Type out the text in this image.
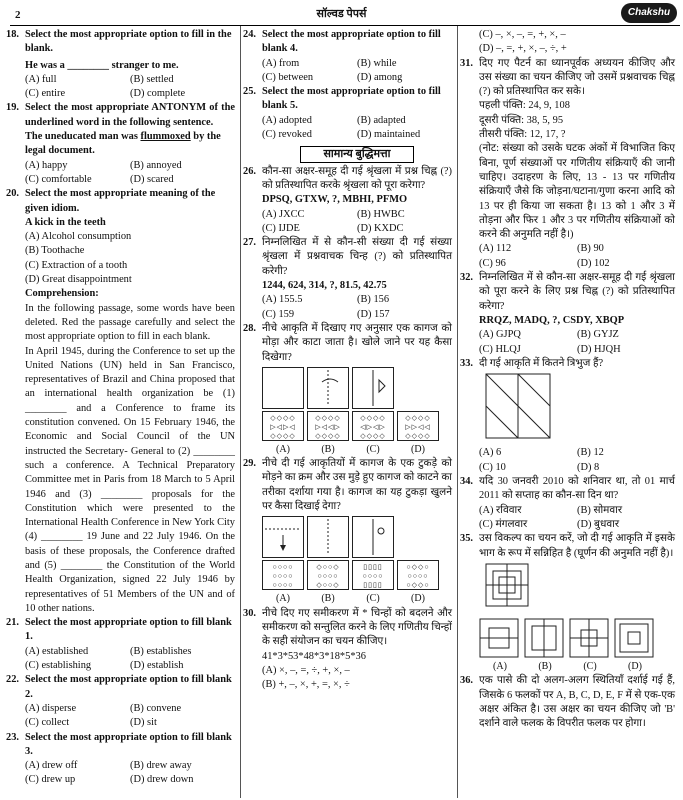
2	सॉल्वड पेपर्स	Chakshu
18. Select the most appropriate option to fill in the blank.
He was a ________ stranger to me.
(A) full	(B) settled
(C) entire	(D) complete
19. Select the most appropriate ANTONYM of the underlined word in the following sentence.
The uneducated man was flummoxed by the legal document.
(A) happy	(B) annoyed
(C) comfortable	(D) scared
20. Select the most appropriate meaning of the given idiom.
A kick in the teeth
(A) Alcohol consumption
(B) Toothache
(C) Extraction of a tooth
(D) Great disappointment
Comprehension:
In the following passage, some words have been deleted. Red the passage carefully and select the most appropriate option to fill in each blank.
In April 1945, during the Conference to set up the United Nations (UN) held in San Francisco, representatives of Brazil and China proposed that an international health organization be (1) ________ and a Conference to frame its constitution convened. On 15 February 1946, the Economic and Social Council of the UN instructed the Secretary- General to (2) ________ such a conference. A Technical Preparatory Committee met in Paris from 18 March to 5 April 1946 and (3) ________ proposals for the Constitution which were presented to the International Health Conference in New York City (4) ________ 19 June and 22 July 1946. On the basis of these proposals, the Conference drafted and (5) ________ the Constitution of the World Health Organization, signed 22 July 1946 by representatives of 51 Members of the UN and of 10 other nations.
21. Select the most appropriate option to fill blank 1.
(A) established	(B) establishes
(C) establishing	(D) establish
22. Select the most appropriate option to fill blank 2.
(A) disperse	(B) convene
(C) collect	(D) sit
23. Select the most appropriate option to fill blank 3.
(A) drew off	(B) drew away
(C) drew up	(D) drew down
24. Select the most appropriate option to fill blank 4.
(A) from	(B) while
(C) between	(D) among
25. Select the most appropriate option to fill blank 5.
(A) adopted	(B) adapted
(C) revoked	(D) maintained
सामान्य बुद्धिमत्ता
26. कौन-सा अक्षर-समूह दी गई श्रृंखला में प्रश्न चिह्न (?) को प्रतिस्थापित करके श्रृंखला को पूरा करेगा?
DPSQ, GTXW, ?, MBHI, PFMO
(A) JXCC	(B) HWBC
(C) IJDE	(D) KXDC
27. निम्नलिखित में से कौन-सी संख्या दी गई संख्या श्रृंखला में प्रश्नवाचक चिन्ह (?) को प्रतिस्थापित करेगी?
1244, 624, 314, ?, 81.5, 42.75
(A) 155.5	(B) 156
(C) 159	(D) 157
28. नीचे आकृति में दिखाए गए अनुसार एक कागज को मोड़ा और काटा जाता है। खोले जाने पर यह कैसा दिखेगा?
◇◇◇◇
▷◁▷◁
◇◇◇◇
◇◇◇◇
▷◁◁▷
◇◇◇◇
◇◇◇◇
◁▷◁▷
◇◇◇◇
◇◇◇◇
▷▷◁◁
◇◇◇◇
(A)	(B)	(C)	(D)
29. नीचे दी गई आकृतियों में कागज के एक टुकड़े को मोड़ने का क्रम और उस मुड़े हुए कागज को काटने का तरीका दर्शाया गया है। कागज का यह टुकड़ा खुलने पर कैसा दिखाई देगा?
○○○○
○○○○
○○○○
◇○○◇
○○○○
◇○○◇
▯▯▯▯
○○○○
▯▯▯▯
○◇◇○
○○○○
○◇◇○
(A)	(B)	(C)	(D)
30. नीचे दिए गए समीकरण में * चिन्हों को बदलने और समीकरण को सन्तुलित करने के लिए गणितीय चिन्हों के सही संयोजन का चयन कीजिए।
41*3*53*48*3*18*5*36
(A) ×, –, =, ÷, +, ×, –
(B) +, –, ×, +, =, ×, ÷
(C) –, ×, –, =, +, ×, –
(D) –, =, +, ×, –, ÷, +
31. दिए गए पैटर्न का ध्यानपूर्वक अध्ययन कीजिए और उस संख्या का चयन कीजिए जो उसमें प्रश्नवाचक चिह्न (?) को प्रतिस्थापित कर सके।
पहली पंक्ति: 24, 9, 108
दूसरी पंक्ति: 38, 5, 95
तीसरी पंक्ति: 12, 17, ?
(नोट: संख्या को उसके घटक अंकों में विभाजित किए बिना, पूर्ण संख्याओं पर गणितीय संक्रियाएँ की जानी चाहिए। उदाहरण के लिए, 13 - 13 पर गणितीय संक्रियाएँ जैसे कि जोड़ना/घटाना/गुणा करना आदि को 13 पर ही किया जा सकता है। 13 को 1 और 3 में तोड़ना और फिर 1 और 3 पर गणितीय संक्रियाओं को करने की अनुमति नहीं है।)
(A) 112	(B) 90
(C) 96	(D) 102
32. निम्नलिखित में से कौन-सा अक्षर-समूह दी गई श्रृंखला को पूरा करने के लिए प्रश्न चिह्न (?) को प्रतिस्थापित करेगा?
RRQZ, MADQ, ?, CSDY, XBQP
(A) GJPQ	(B) GYJZ
(C) HLQJ	(D) HJQH
33. दी गई आकृति में कितने त्रिभुज हैं?
(A) 6	(B) 12
(C) 10	(D) 8
34. यदि 30 जनवरी 2010 को शनिवार था, तो 01 मार्च 2011 को सप्ताह का कौन-सा दिन था?
(A) रविवार	(B) सोमवार
(C) मंगलवार	(D) बुधवार
35. उस विकल्प का चयन करें, जो दी गई आकृति में इसके भाग के रूप में सन्निहित है (घूर्णन की अनुमति नहीं है)।
(A)	(B)	(C)	(D)
36. एक पासे की दो अलग-अलग स्थितियाँ दर्शाई गई हैं, जिसके 6 फलकों पर A, B, C, D, E, F में से एक-एक अक्षर अंकित है। उस अक्षर का चयन कीजिए जो 'B' दर्शाने वाले फलक के विपरीत फलक पर होगा।
